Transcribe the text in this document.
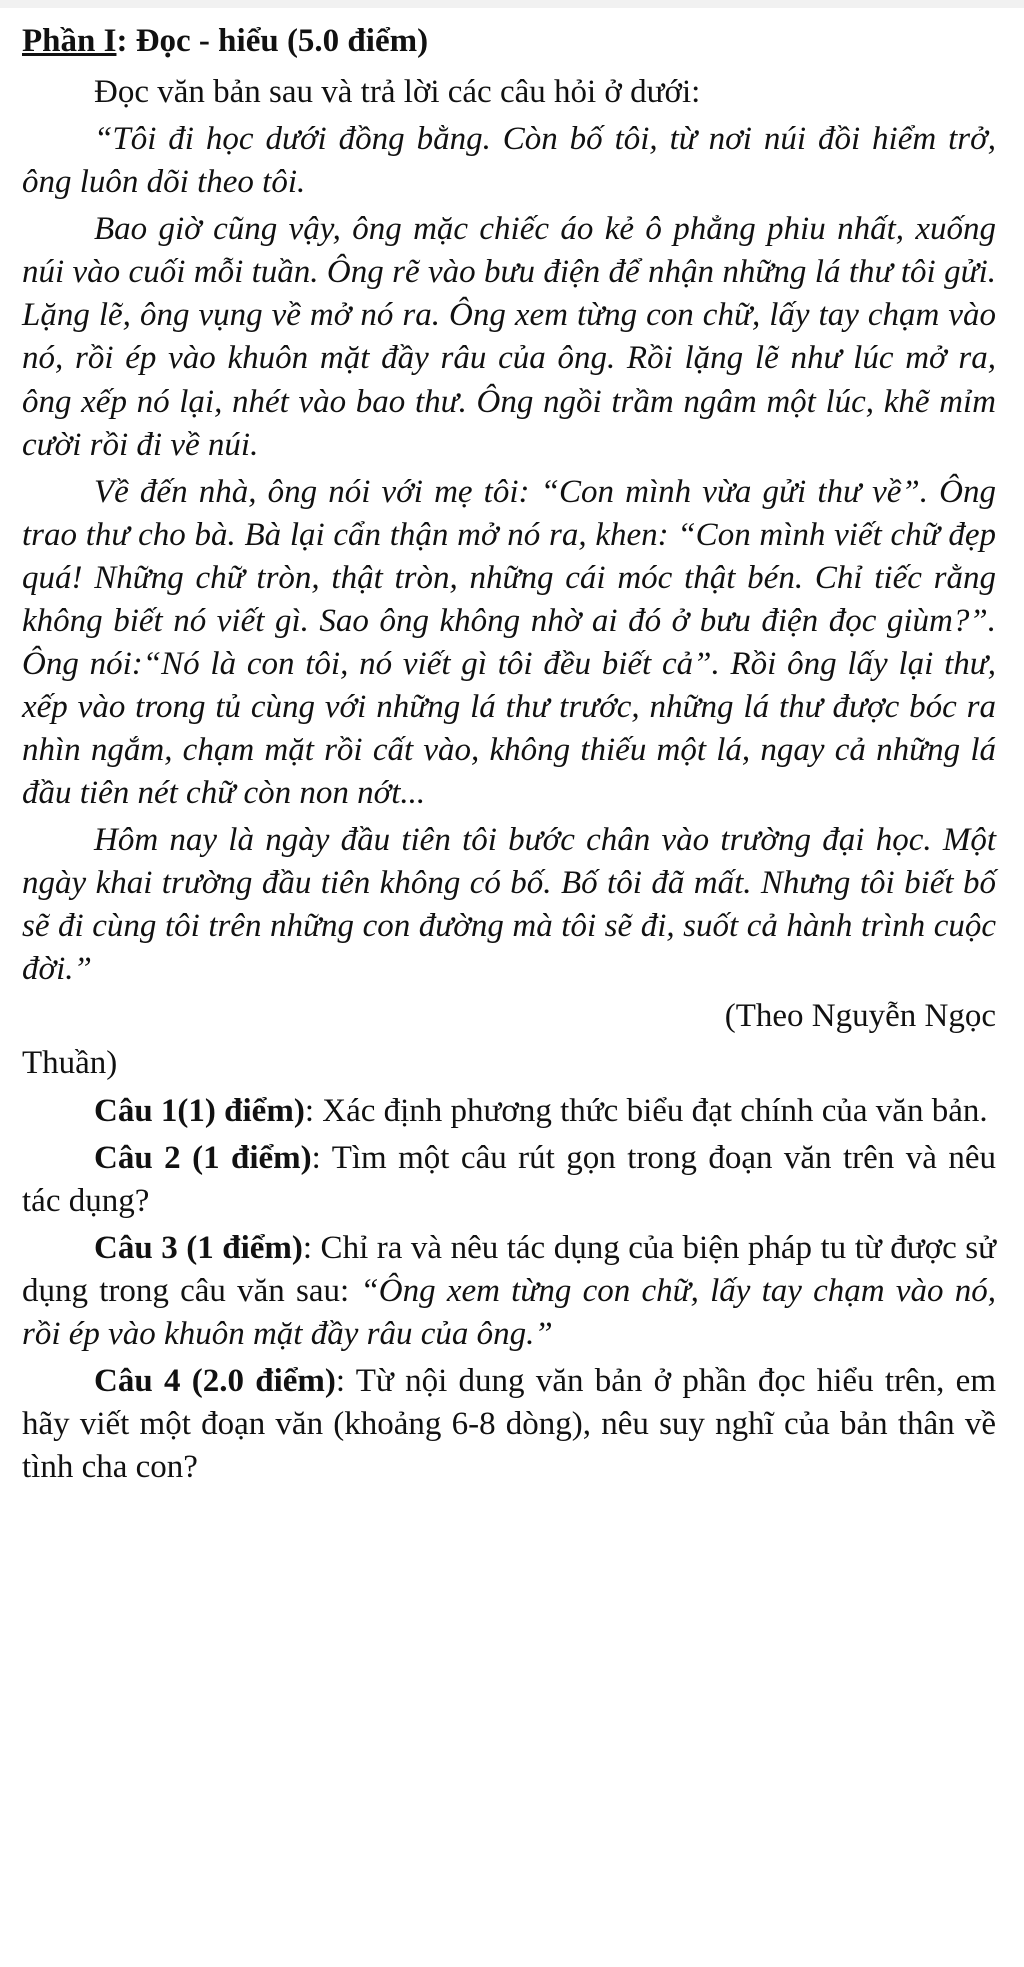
Phần I: Đọc - hiểu (5.0 điểm)

Đọc văn bản sau và trả lời các câu hỏi ở dưới:

“Tôi đi học dưới đồng bằng. Còn bố tôi, từ nơi núi đồi hiểm trở, ông luôn dõi theo tôi.

Bao giờ cũng vậy, ông mặc chiếc áo kẻ ô phẳng phiu nhất, xuống núi vào cuối mỗi tuần. Ông rẽ vào bưu điện để nhận những lá thư tôi gửi. Lặng lẽ, ông vụng về mở nó ra. Ông xem từng con chữ, lấy tay chạm vào nó, rồi ép vào khuôn mặt đầy râu của ông. Rồi lặng lẽ như lúc mở ra, ông xếp nó lại, nhét vào bao thư. Ông ngồi trầm ngâm một lúc, khẽ mỉm cười rồi đi về núi.

Về đến nhà, ông nói với mẹ tôi: “Con mình vừa gửi thư về”. Ông trao thư cho bà. Bà lại cẩn thận mở nó ra, khen: “Con mình viết chữ đẹp quá! Những chữ tròn, thật tròn, những cái móc thật bén. Chỉ tiếc rằng không biết nó viết gì. Sao ông không nhờ ai đó ở bưu điện đọc giùm?”. Ông nói:“Nó là con tôi, nó viết gì tôi đều biết cả”. Rồi ông lấy lại thư, xếp vào trong tủ cùng với những lá thư trước, những lá thư được bóc ra nhìn ngắm, chạm mặt rồi cất vào, không thiếu một lá, ngay cả những lá đầu tiên nét chữ còn non nớt...

Hôm nay là ngày đầu tiên tôi bước chân vào trường đại học. Một ngày khai trường đầu tiên không có bố. Bố tôi đã mất. Nhưng tôi biết bố sẽ đi cùng tôi trên những con đường mà tôi sẽ đi, suốt cả hành trình cuộc đời.”

(Theo Nguyễn Ngọc

Thuần)

Câu 1(1) điểm): Xác định phương thức biểu đạt chính của văn bản.

Câu 2 (1 điểm): Tìm một câu rút gọn trong đoạn văn trên và nêu tác dụng?

Câu 3 (1 điểm): Chỉ ra và nêu tác dụng của biện pháp tu từ được sử dụng trong câu văn sau: “Ông xem từng con chữ, lấy tay chạm vào nó, rồi ép vào khuôn mặt đầy râu của ông.”

Câu 4 (2.0 điểm): Từ nội dung văn bản ở phần đọc hiểu trên, em hãy viết một đoạn văn (khoảng 6-8 dòng), nêu suy nghĩ của bản thân về tình cha con?
